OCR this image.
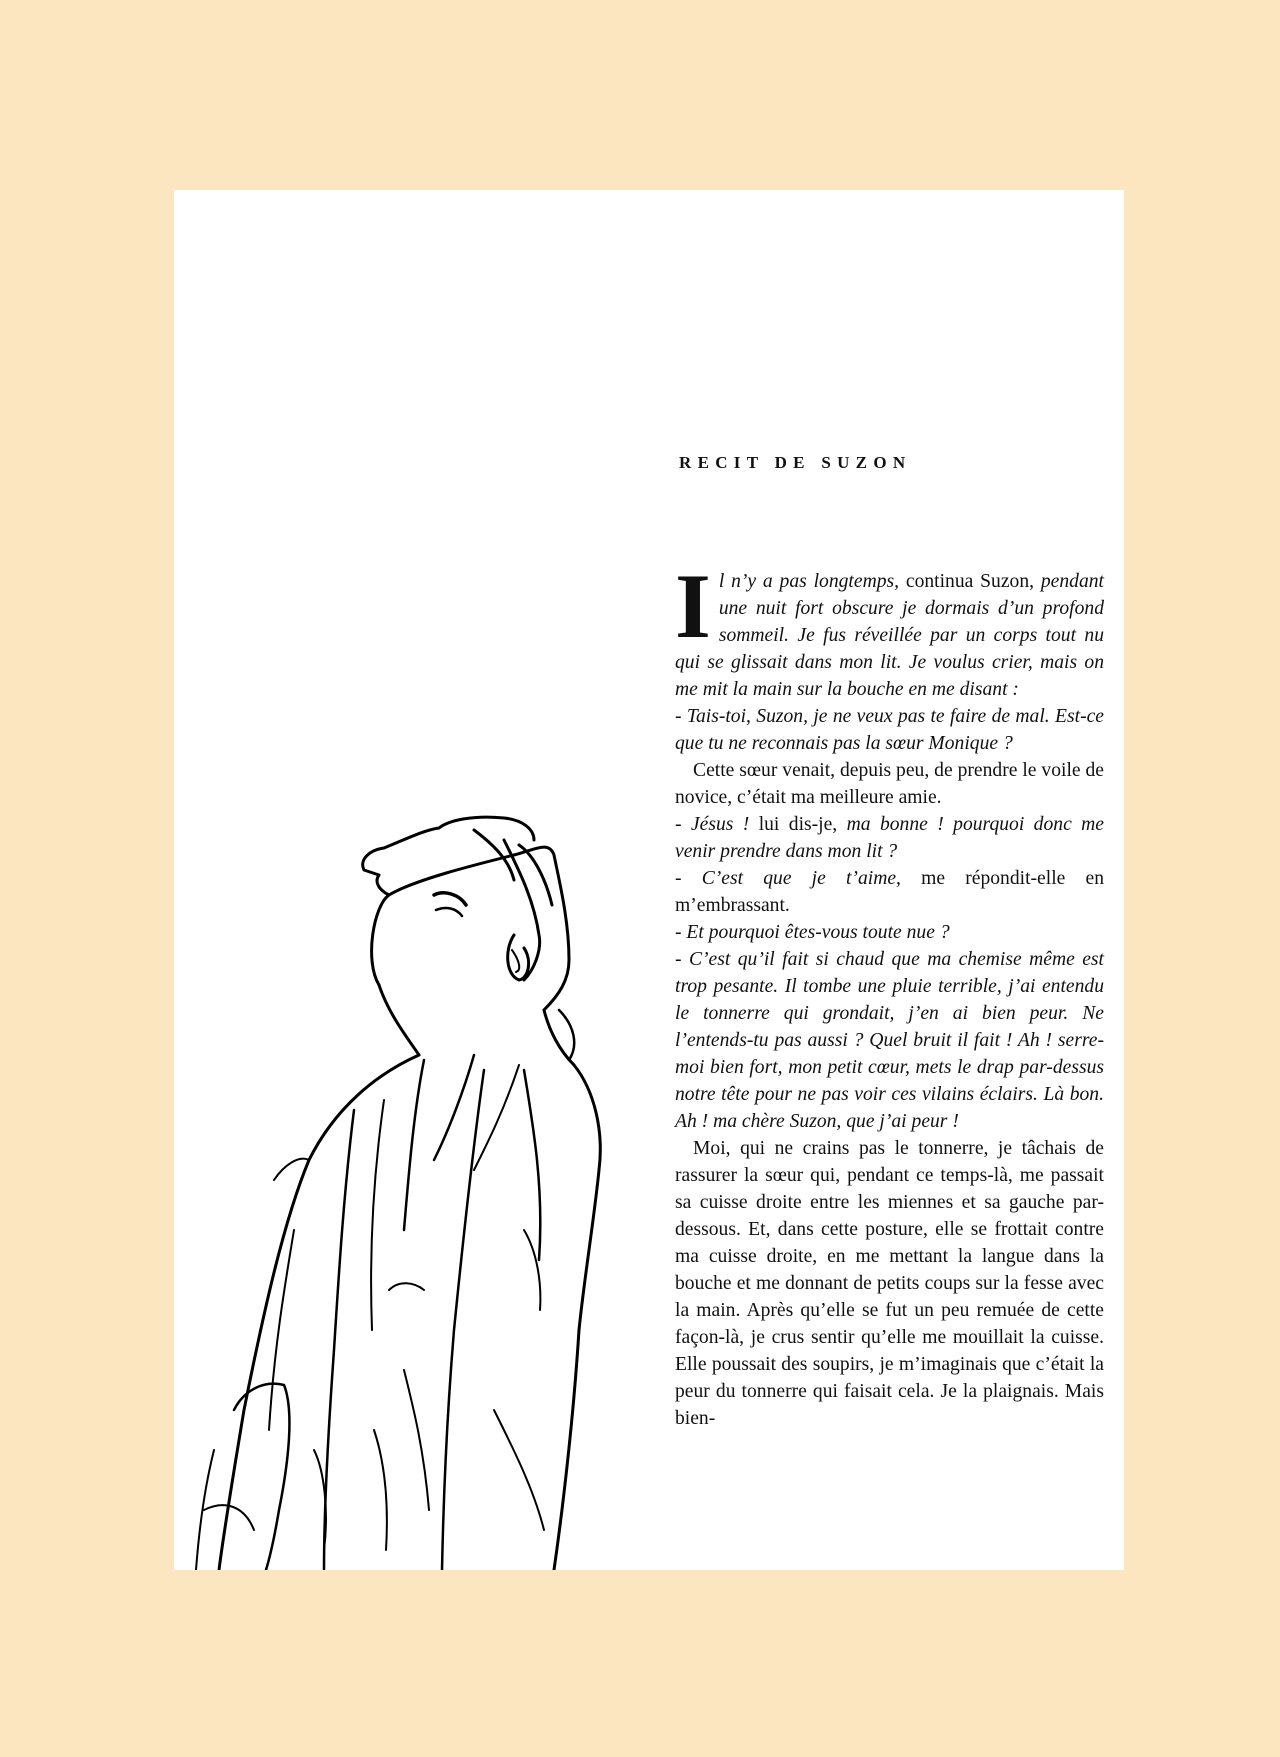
RECIT DE SUZON
I l n’y a pas longtemps, continua Suzon, pendant une nuit fort obscure je dormais d’un profond sommeil. Je fus réveillée par un corps tout nu qui se glissait dans mon lit. Je voulus crier, mais on me mit la main sur la bouche en me disant :

- Tais-toi, Suzon, je ne veux pas te faire de mal. Est-ce que tu ne reconnais pas la sœur Monique ?

Cette sœur venait, depuis peu, de prendre le voile de novice, c’était ma meilleure amie.

- Jésus ! lui dis-je, ma bonne ! pourquoi donc me venir prendre dans mon lit ?

- C’est que je t’aime, me répondit-elle en m’embrassant.

- Et pourquoi êtes-vous toute nue ?

- C’est qu’il fait si chaud que ma chemise même est trop pesante. Il tombe une pluie terrible, j’ai entendu le tonnerre qui grondait, j’en ai bien peur. Ne l’entends-tu pas aussi ? Quel bruit il fait ! Ah ! serre-moi bien fort, mon petit cœur, mets le drap par-dessus notre tête pour ne pas voir ces vilains éclairs. Là bon. Ah ! ma chère Suzon, que j’ai peur !

Moi, qui ne crains pas le tonnerre, je tâchais de rassurer la sœur qui, pendant ce temps-là, me passait sa cuisse droite entre les miennes et sa gauche par-dessous. Et, dans cette posture, elle se frottait contre ma cuisse droite, en me mettant la langue dans la bouche et me donnant de petits coups sur la fesse avec la main. Après qu’elle se fut un peu remuée de cette façon-là, je crus sentir qu’elle me mouillait la cuisse. Elle poussait des soupirs, je m’imaginais que c’était la peur du tonnerre qui faisait cela. Je la plaignais. Mais bien-
